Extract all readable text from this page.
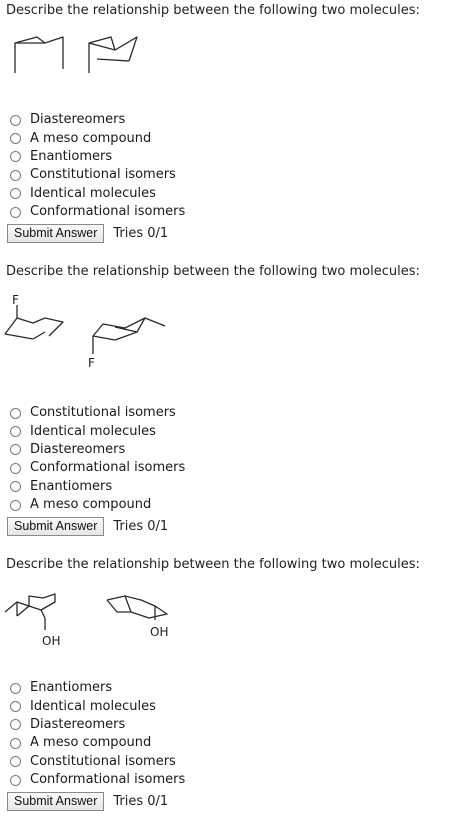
Describe the relationship between the following two molecules:
Diastereomers
A meso compound
Enantiomers
Constitutional isomers
Identical molecules
Conformational isomers
Submit Answer	Tries 0/1
Describe the relationship between the following two molecules:
F
F
Constitutional isomers
Identical molecules
Diastereomers
Conformational isomers
Enantiomers
A meso compound
Submit Answer	Tries 0/1
Describe the relationship between the following two molecules:
OH
OH
Enantiomers
Identical molecules
Diastereomers
A meso compound
Constitutional isomers
Conformational isomers
Submit Answer	Tries 0/1
